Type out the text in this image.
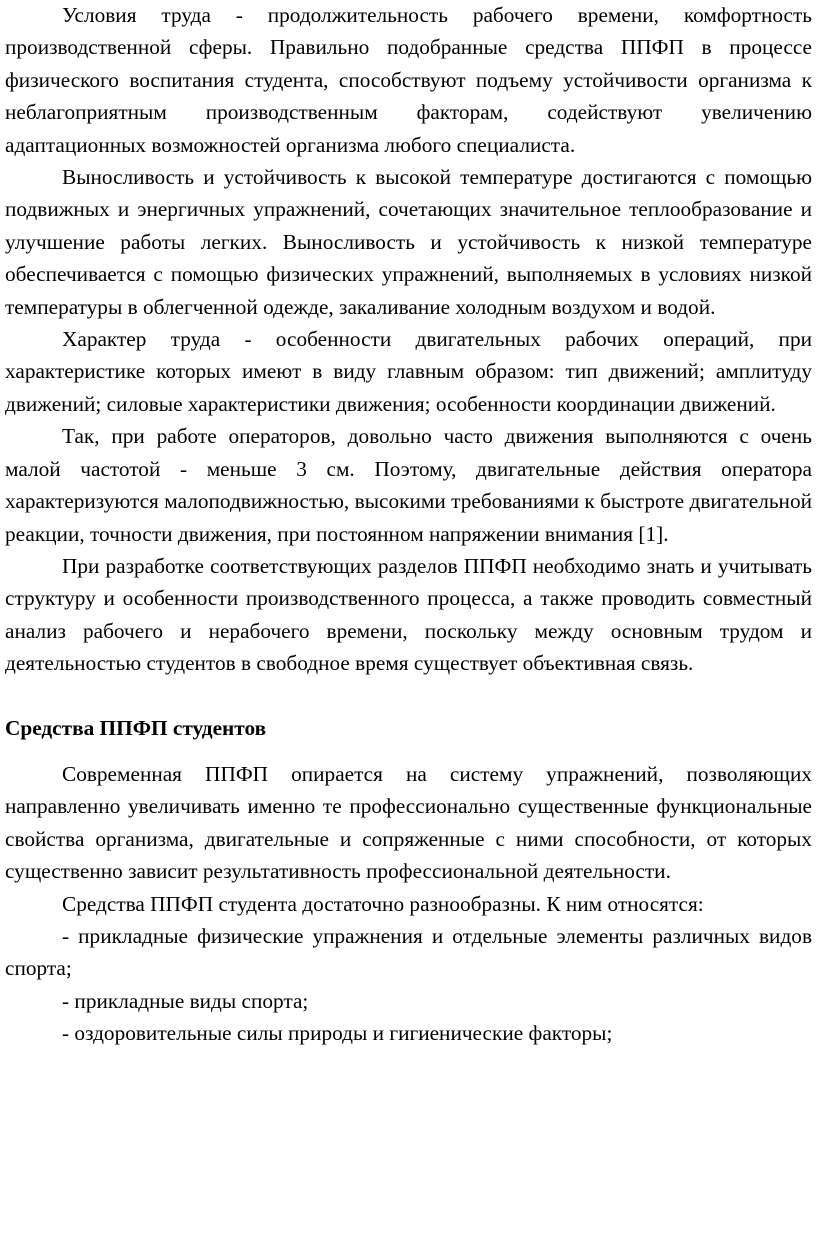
Условия труда - продолжительность рабочего времени, комфортность производственной сферы. Правильно подобранные средства ППФП в процессе физического воспитания студента, способствуют подъему устойчивости организма к неблагоприятным производственным факторам, содействуют увеличению адаптационных возможностей организма любого специалиста.

Выносливость и устойчивость к высокой температуре достигаются с помощью подвижных и энергичных упражнений, сочетающих значительное теплообразование и улучшение работы легких. Выносливость и устойчивость к низкой температуре обеспечивается с помощью физических упражнений, выполняемых в условиях низкой температуры в облегченной одежде, закаливание холодным воздухом и водой.

Характер труда - особенности двигательных рабочих операций, при характеристике которых имеют в виду главным образом: тип движений; амплитуду движений; силовые характеристики движения; особенности координации движений.

Так, при работе операторов, довольно часто движения выполняются с очень малой частотой - меньше 3 см. Поэтому, двигательные действия оператора характеризуются малоподвижностью, высокими требованиями к быстроте двигательной реакции, точности движения, при постоянном напряжении внимания [1].

При разработке соответствующих разделов ППФП необходимо знать и учитывать структуру и особенности производственного процесса, а также проводить совместный анализ рабочего и нерабочего времени, поскольку между основным трудом и деятельностью студентов в свободное время существует объективная связь.

Средства ППФП студентов

Современная ППФП опирается на систему упражнений, позволяющих направленно увеличивать именно те профессионально существенные функциональные свойства организма, двигательные и сопряженные с ними способности, от которых существенно зависит результативность профессиональной деятельности.

Средства ППФП студента достаточно разнообразны. К ним относятся:

- прикладные физические упражнения и отдельные элементы различных видов спорта;
- прикладные виды спорта;
- оздоровительные силы природы и гигиенические факторы;
